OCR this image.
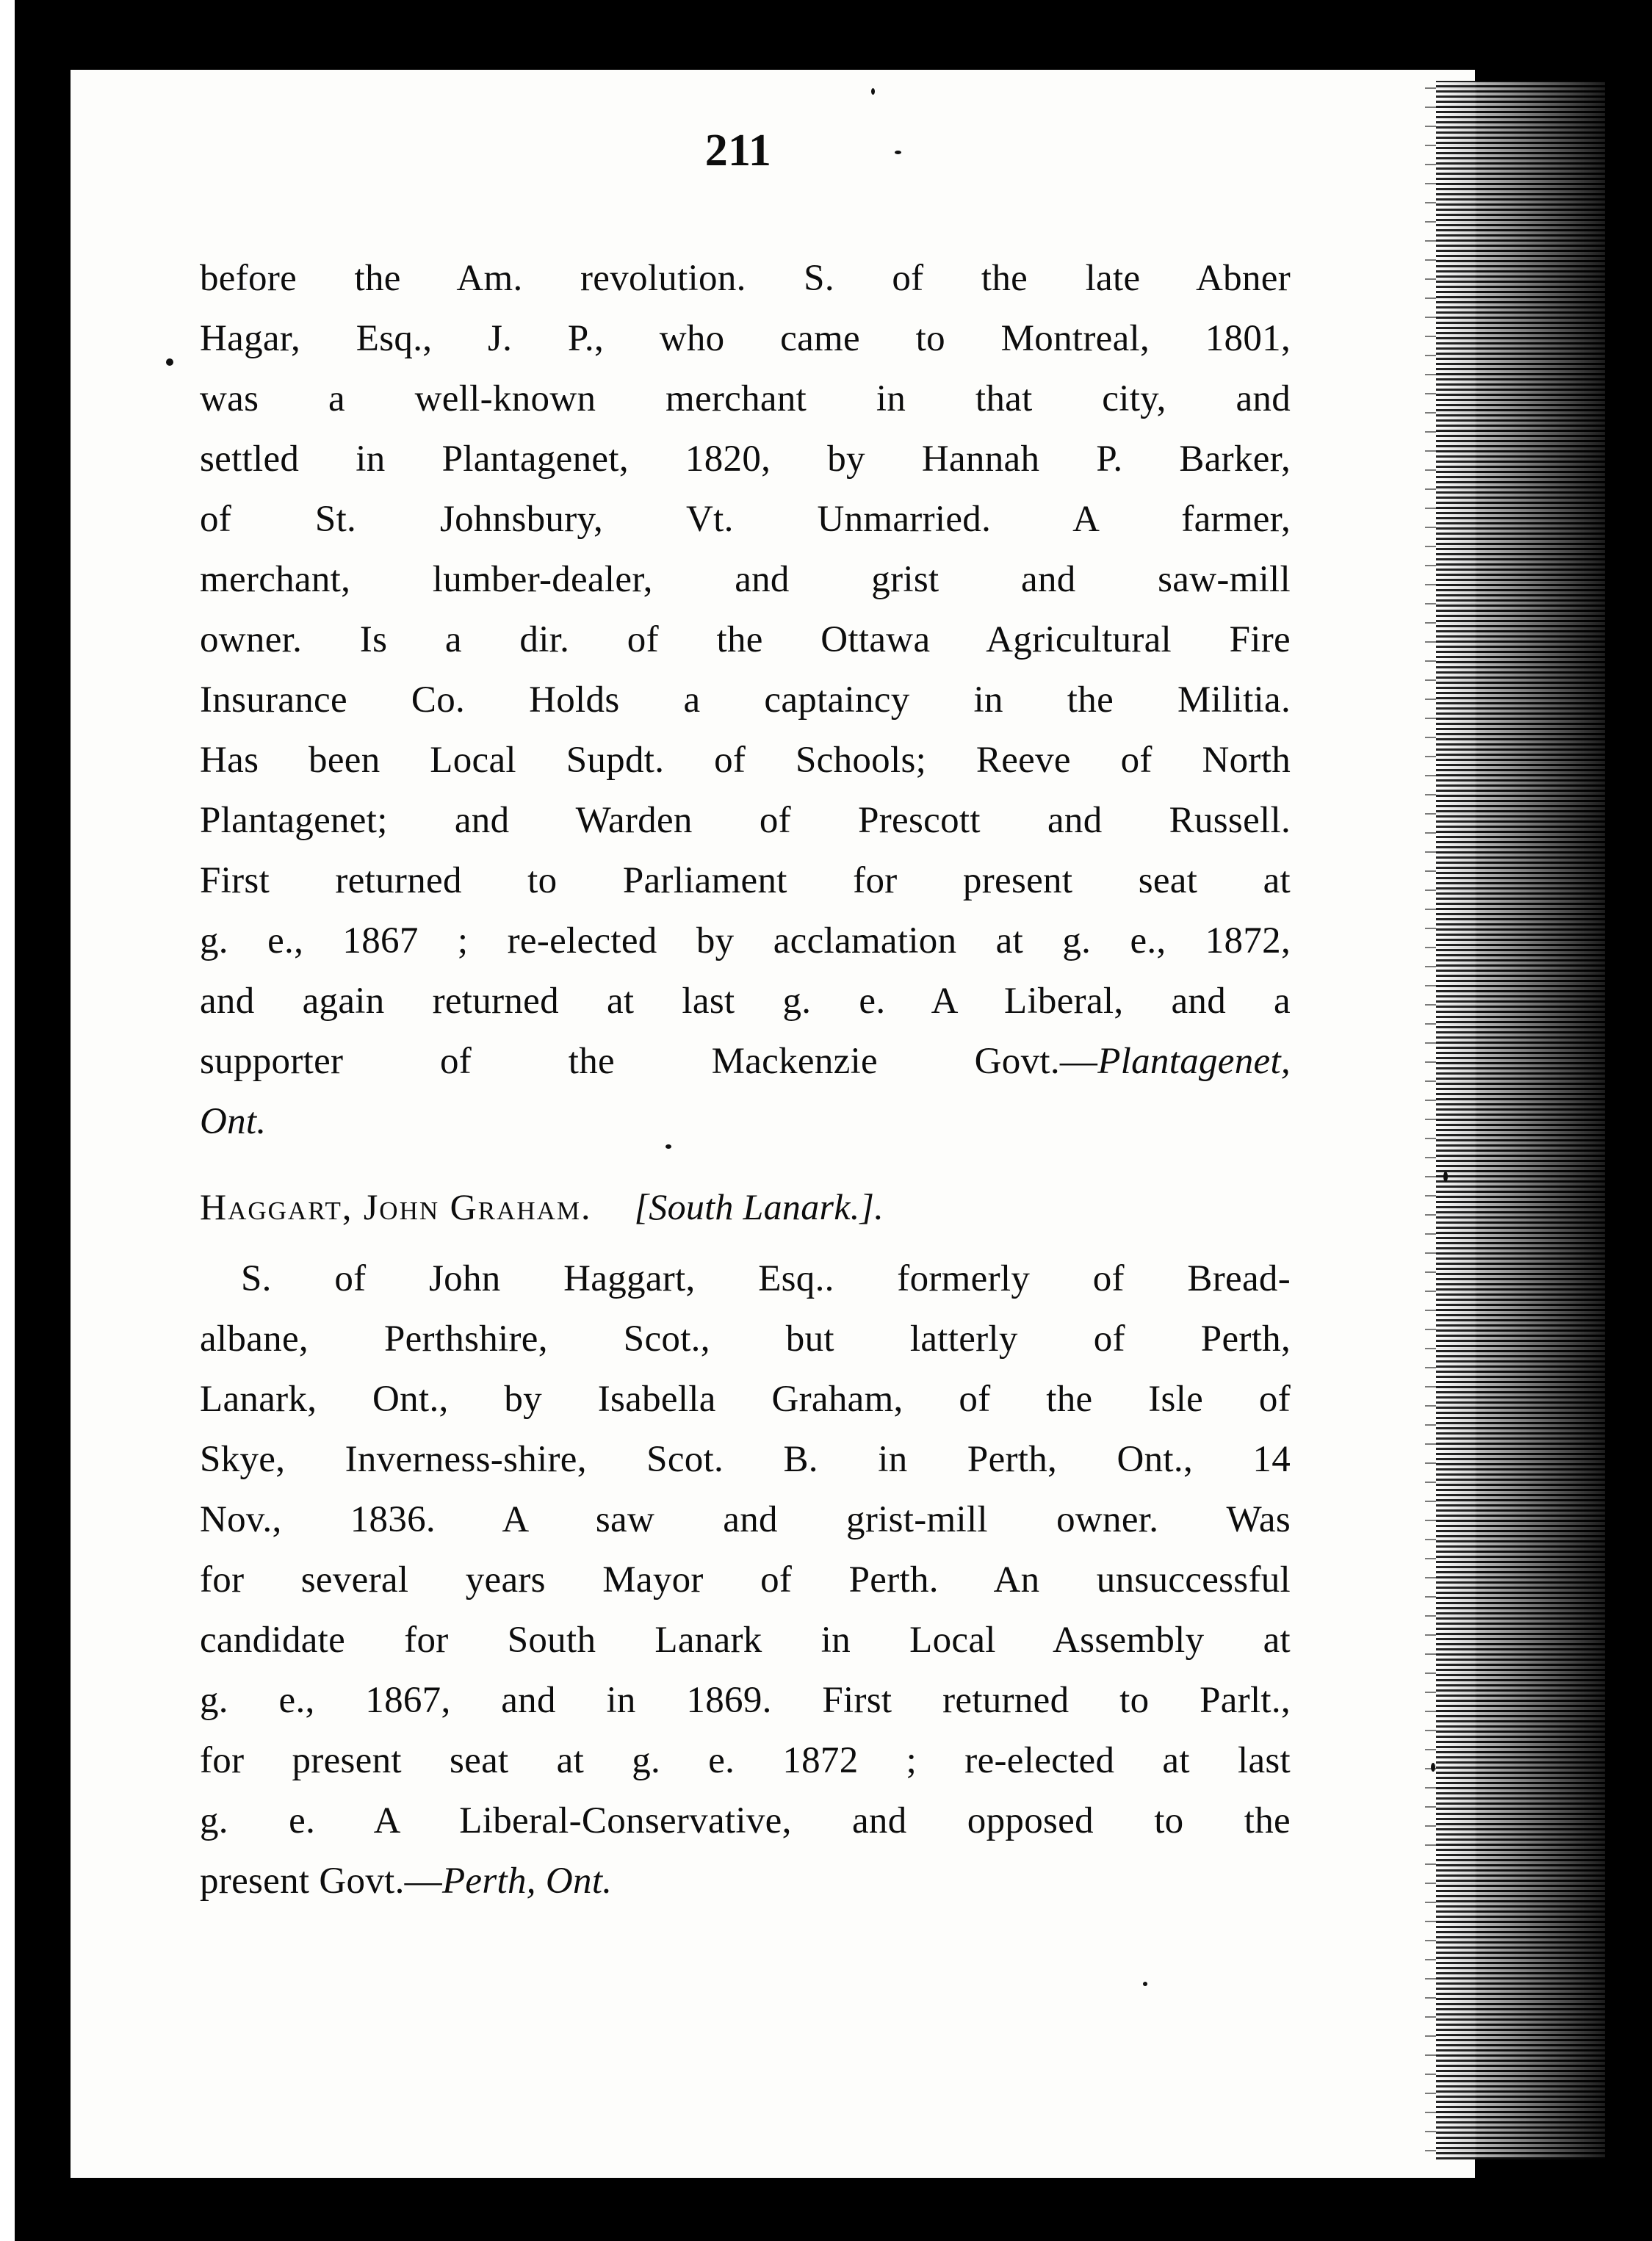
211

before the Am. revolution. S. of the late Abner
Hagar, Esq., J. P., who came to Montreal, 1801,
was a well-known merchant in that city, and
settled in Plantagenet, 1820, by Hannah P. Barker,
of St. Johnsbury, Vt. Unmarried. A farmer,
merchant, lumber-dealer, and grist and saw-mill
owner. Is a dir. of the Ottawa Agricultural Fire
Insurance Co. Holds a captaincy in the Militia.
Has been Local Supdt. of Schools; Reeve of North
Plantagenet; and Warden of Prescott and Russell.
First returned to Parliament for present seat at
g. e., 1867 ; re-elected by acclamation at g. e., 1872,
and again returned at last g. e. A Liberal, and a
supporter of the Mackenzie Govt.—Plantagenet,
Ont.

Haggart, John Graham. [South Lanark.].

S. of John Haggart, Esq.. formerly of Bread-
albane, Perthshire, Scot., but latterly of Perth,
Lanark, Ont., by Isabella Graham, of the Isle of
Skye, Inverness-shire, Scot. B. in Perth, Ont., 14
Nov., 1836. A saw and grist-mill owner. Was
for several years Mayor of Perth. An unsuccessful
candidate for South Lanark in Local Assembly at
g. e., 1867, and in 1869. First returned to Parlt.,
for present seat at g. e. 1872 ; re-elected at last
g. e. A Liberal-Conservative, and opposed to the
present Govt.—Perth, Ont.
